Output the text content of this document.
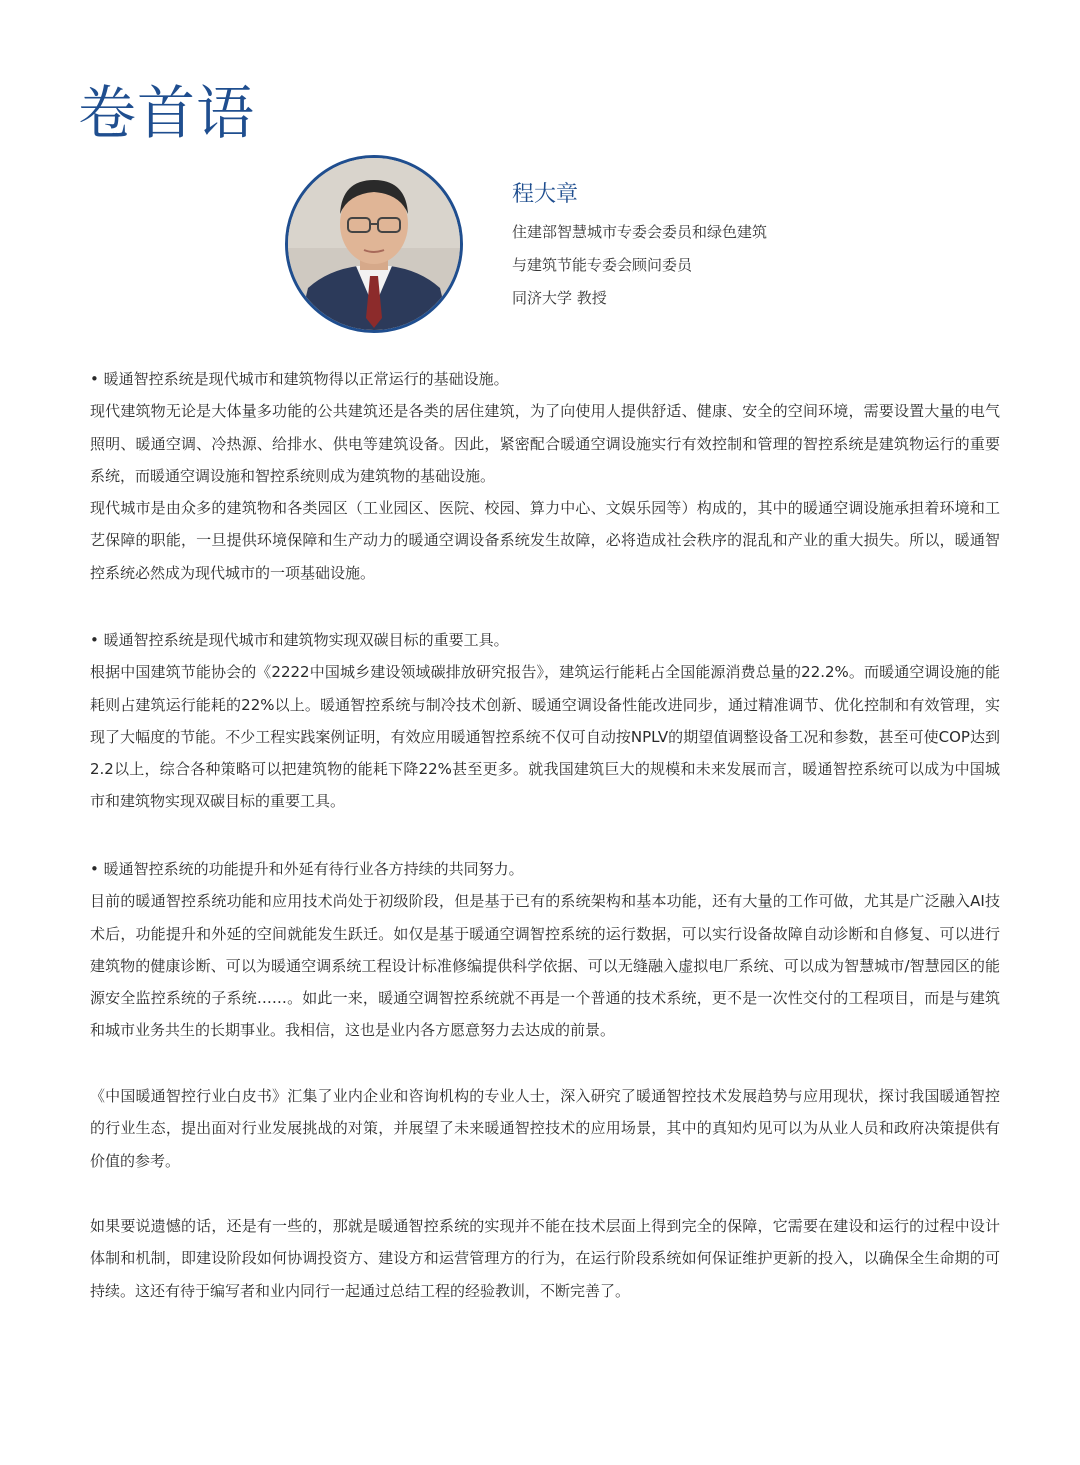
卷首语
程大章
住建部智慧城市专委会委员和绿色建筑
与建筑节能专委会顾问委员
同济大学 教授

• 暖通智控系统是现代城市和建筑物得以正常运行的基础设施。

现代建筑物无论是大体量多功能的公共建筑还是各类的居住建筑，为了向使用人提供舒适、健康、安全的空间环境，需要设置大量的电气照明、暖通空调、冷热源、给排水、供电等建筑设备。因此，紧密配合暖通空调设施实行有效控制和管理的智控系统是建筑物运行的重要系统，而暖通空调设施和智控系统则成为建筑物的基础设施。

现代城市是由众多的建筑物和各类园区（工业园区、医院、校园、算力中心、文娱乐园等）构成的，其中的暖通空调设施承担着环境和工艺保障的职能，一旦提供环境保障和生产动力的暖通空调设备系统发生故障，必将造成社会秩序的混乱和产业的重大损失。所以，暖通智控系统必然成为现代城市的一项基础设施。

• 暖通智控系统是现代城市和建筑物实现双碳目标的重要工具。

根据中国建筑节能协会的《2222中国城乡建设领域碳排放研究报告》，建筑运行能耗占全国能源消费总量的22.2%。而暖通空调设施的能耗则占建筑运行能耗的22%以上。暖通智控系统与制冷技术创新、暖通空调设备性能改进同步，通过精准调节、优化控制和有效管理，实现了大幅度的节能。不少工程实践案例证明，有效应用暖通智控系统不仅可自动按NPLV的期望值调整设备工况和参数，甚至可使COP达到2.2以上，综合各种策略可以把建筑物的能耗下降22%甚至更多。就我国建筑巨大的规模和未来发展而言，暖通智控系统可以成为中国城市和建筑物实现双碳目标的重要工具。

• 暖通智控系统的功能提升和外延有待行业各方持续的共同努力。

目前的暖通智控系统功能和应用技术尚处于初级阶段，但是基于已有的系统架构和基本功能，还有大量的工作可做，尤其是广泛融入AI技术后，功能提升和外延的空间就能发生跃迁。如仅是基于暖通空调智控系统的运行数据，可以实行设备故障自动诊断和自修复、可以进行建筑物的健康诊断、可以为暖通空调系统工程设计标准修编提供科学依据、可以无缝融入虚拟电厂系统、可以成为智慧城市/智慧园区的能源安全监控系统的子系统……。如此一来，暖通空调智控系统就不再是一个普通的技术系统，更不是一次性交付的工程项目，而是与建筑和城市业务共生的长期事业。我相信，这也是业内各方愿意努力去达成的前景。

《中国暖通智控行业白皮书》汇集了业内企业和咨询机构的专业人士，深入研究了暖通智控技术发展趋势与应用现状，探讨我国暖通智控的行业生态，提出面对行业发展挑战的对策，并展望了未来暖通智控技术的应用场景，其中的真知灼见可以为从业人员和政府决策提供有价值的参考。

如果要说遗憾的话，还是有一些的，那就是暖通智控系统的实现并不能在技术层面上得到完全的保障，它需要在建设和运行的过程中设计体制和机制，即建设阶段如何协调投资方、建设方和运营管理方的行为，在运行阶段系统如何保证维护更新的投入，以确保全生命期的可持续。这还有待于编写者和业内同行一起通过总结工程的经验教训，不断完善了。
